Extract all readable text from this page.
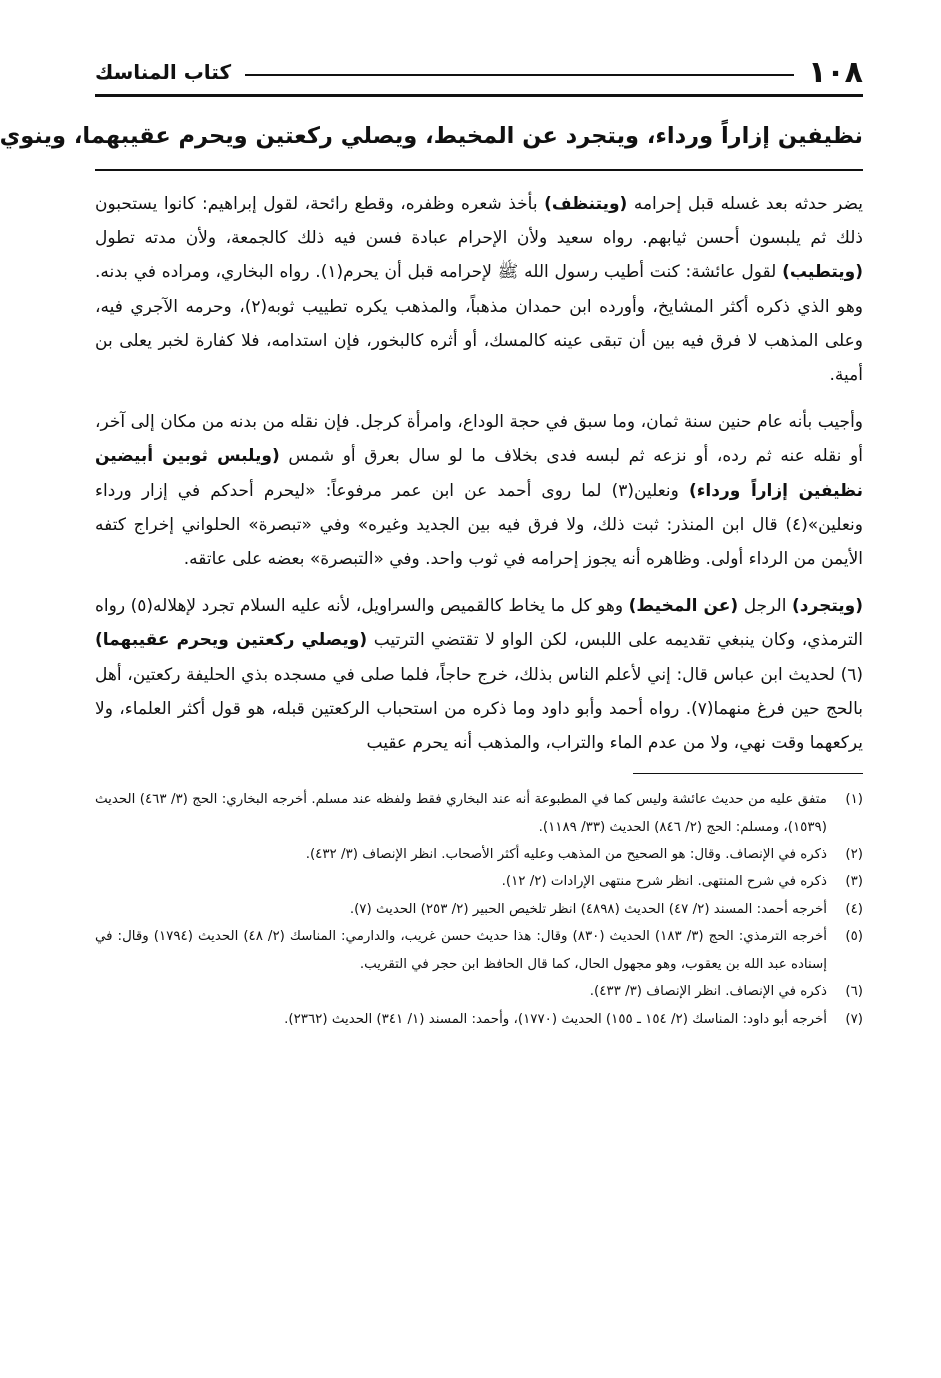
١٠٨
كتاب المناسك
نظيفين إزاراً ورداء، ويتجرد عن المخيط، ويصلي ركعتين ويحرم عقيبهما، وينوي

يضر حدثه بعد غسله قبل إحرامه (ويتنظف) بأخذ شعره وظفره، وقطع رائحة، لقول إبراهيم: كانوا يستحبون ذلك ثم يلبسون أحسن ثيابهم. رواه سعيد ولأن الإحرام عبادة فسن فيه ذلك كالجمعة، ولأن مدته تطول (ويتطيب) لقول عائشة: كنت أطيب رسول الله ﷺ لإحرامه قبل أن يحرم(١). رواه البخاري، ومراده في بدنه. وهو الذي ذكره أكثر المشايخ، وأورده ابن حمدان مذهباً، والمذهب يكره تطييب ثوبه(٢)، وحرمه الآجري فيه، وعلى المذهب لا فرق فيه بين أن تبقى عينه كالمسك، أو أثره كالبخور، فإن استدامه، فلا كفارة لخبر يعلى بن أمية.

وأجيب بأنه عام حنين سنة ثمان، وما سبق في حجة الوداع، وامرأة كرجل. فإن نقله من بدنه من مكان إلى آخر، أو نقله عنه ثم رده، أو نزعه ثم لبسه فدى بخلاف ما لو سال بعرق أو شمس (ويلبس ثوبين أبيضين نظيفين إزاراً ورداء) ونعلين(٣) لما روى أحمد عن ابن عمر مرفوعاً: «ليحرم أحدكم في إزار ورداء ونعلين»(٤) قال ابن المنذر: ثبت ذلك، ولا فرق فيه بين الجديد وغيره» وفي «تبصرة» الحلواني إخراج كتفه الأيمن من الرداء أولى. وظاهره أنه يجوز إحرامه في ثوب واحد. وفي «التبصرة» بعضه على عاتقه.

(ويتجرد) الرجل (عن المخيط) وهو كل ما يخاط كالقميص والسراويل، لأنه عليه السلام تجرد لإهلاله(٥) رواه الترمذي، وكان ينبغي تقديمه على اللبس، لكن الواو لا تقتضي الترتيب (ويصلي ركعتين ويحرم عقيبهما)(٦) لحديث ابن عباس قال: إني لأعلم الناس بذلك، خرج حاجاً، فلما صلى في مسجده بذي الحليفة ركعتين، أهل بالحج حين فرغ منهما(٧). رواه أحمد وأبو داود وما ذكره من استحباب الركعتين قبله، هو قول أكثر العلماء، ولا يركعهما وقت نهي، ولا من عدم الماء والتراب، والمذهب أنه يحرم عقيب

(١)
متفق عليه من حديث عائشة وليس كما في المطبوعة أنه عند البخاري فقط ولفظه عند مسلم. أخرجه البخاري: الحج (٣/ ٤٦٣) الحديث (١٥٣٩)، ومسلم: الحج (٢/ ٨٤٦) الحديث (٣٣/ ١١٨٩).
(٢)
ذكره في الإنصاف. وقال: هو الصحيح من المذهب وعليه أكثر الأصحاب. انظر الإنصاف (٣/ ٤٣٢).
(٣)
ذكره في شرح المنتهى. انظر شرح منتهى الإرادات (٢/ ١٢).
(٤)
أخرجه أحمد: المسند (٢/ ٤٧) الحديث (٤٨٩٨) انظر تلخيص الحبير (٢/ ٢٥٣) الحديث (٧).
(٥)
أخرجه الترمذي: الحج (٣/ ١٨٣) الحديث (٨٣٠) وقال: هذا حديث حسن غريب، والدارمي: المناسك (٢/ ٤٨) الحديث (١٧٩٤) وقال: في إسناده عبد الله بن يعقوب، وهو مجهول الحال، كما قال الحافظ ابن حجر في التقريب.
(٦)
ذكره في الإنصاف. انظر الإنصاف (٣/ ٤٣٣).
(٧)
أخرجه أبو داود: المناسك (٢/ ١٥٤ ـ ١٥٥) الحديث (١٧٧٠)، وأحمد: المسند (١/ ٣٤١) الحديث (٢٣٦٢).
